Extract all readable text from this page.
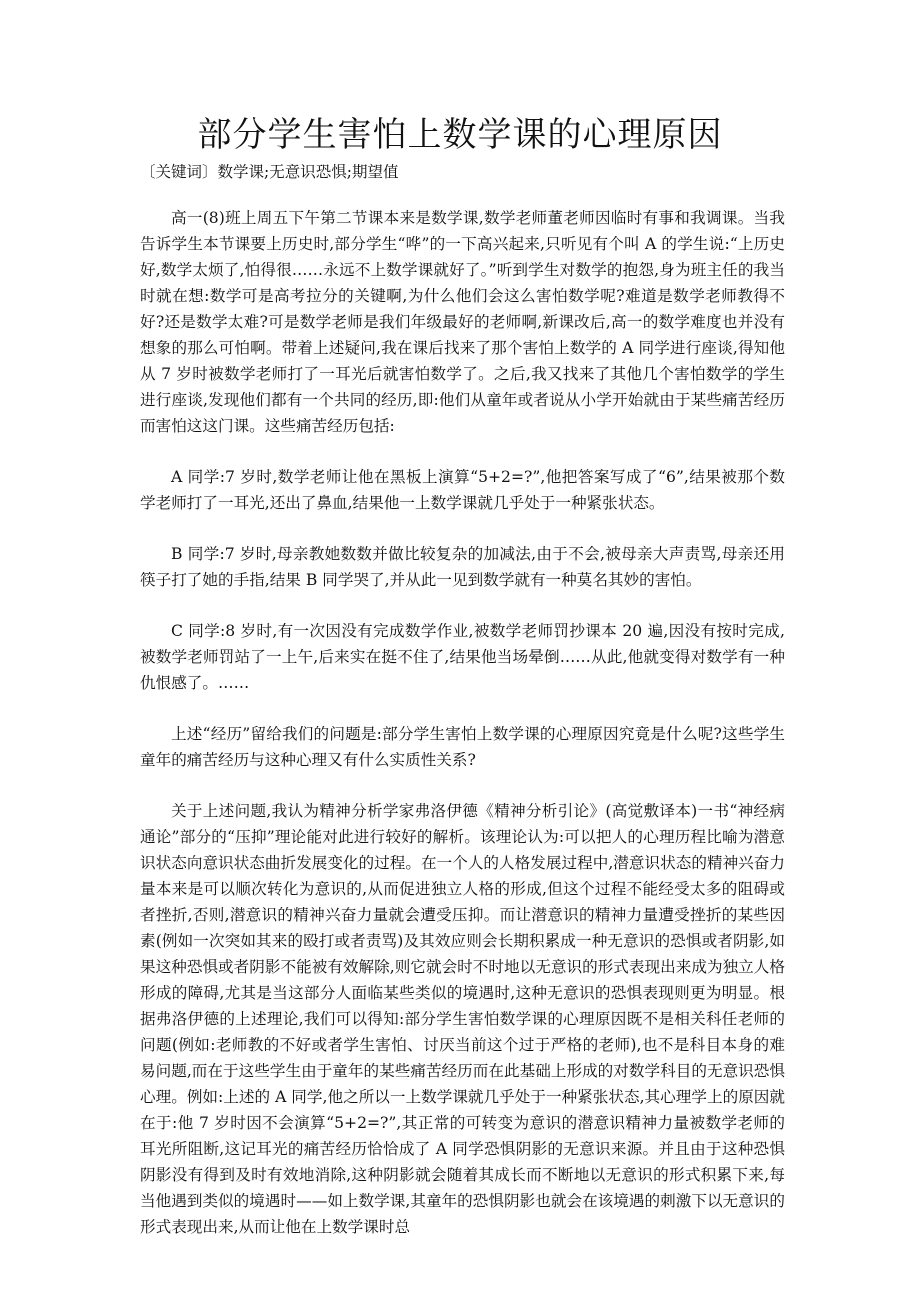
部分学生害怕上数学课的心理原因

〔关键词〕数学课;无意识恐惧;期望值

高一(8)班上周五下午第二节课本来是数学课,数学老师董老师因临时有事和我调课。当我告诉学生本节课要上历史时,部分学生“哗”的一下高兴起来,只听见有个叫 A 的学生说:“上历史好,数学太烦了,怕得很……永远不上数学课就好了。”听到学生对数学的抱怨,身为班主任的我当时就在想:数学可是高考拉分的关键啊,为什么他们会这么害怕数学呢?难道是数学老师教得不好?还是数学太难?可是数学老师是我们年级最好的老师啊,新课改后,高一的数学难度也并没有想象的那么可怕啊。带着上述疑问,我在课后找来了那个害怕上数学的 A 同学进行座谈,得知他从 7 岁时被数学老师打了一耳光后就害怕数学了。之后,我又找来了其他几个害怕数学的学生进行座谈,发现他们都有一个共同的经历,即:他们从童年或者说从小学开始就由于某些痛苦经历而害怕这这门课。这些痛苦经历包括:

A 同学:7 岁时,数学老师让他在黑板上演算“5+2=?”,他把答案写成了“6”,结果被那个数学老师打了一耳光,还出了鼻血,结果他一上数学课就几乎处于一种紧张状态。

B 同学:7 岁时,母亲教她数数并做比较复杂的加减法,由于不会,被母亲大声责骂,母亲还用筷子打了她的手指,结果 B 同学哭了,并从此一见到数学就有一种莫名其妙的害怕。

C 同学:8 岁时,有一次因没有完成数学作业,被数学老师罚抄课本 20 遍,因没有按时完成,被数学老师罚站了一上午,后来实在挺不住了,结果他当场晕倒……从此,他就变得对数学有一种仇恨感了。……

上述“经历”留给我们的问题是:部分学生害怕上数学课的心理原因究竟是什么呢?这些学生童年的痛苦经历与这种心理又有什么实质性关系?

关于上述问题,我认为精神分析学家弗洛伊德《精神分析引论》(高觉敷译本)一书“神经病通论”部分的“压抑”理论能对此进行较好的解析。该理论认为:可以把人的心理历程比喻为潜意识状态向意识状态曲折发展变化的过程。在一个人的人格发展过程中,潜意识状态的精神兴奋力量本来是可以顺次转化为意识的,从而促进独立人格的形成,但这个过程不能经受太多的阻碍或者挫折,否则,潜意识的精神兴奋力量就会遭受压抑。而让潜意识的精神力量遭受挫折的某些因素(例如一次突如其来的殴打或者责骂)及其效应则会长期积累成一种无意识的恐惧或者阴影,如果这种恐惧或者阴影不能被有效解除,则它就会时不时地以无意识的形式表现出来成为独立人格形成的障碍,尤其是当这部分人面临某些类似的境遇时,这种无意识的恐惧表现则更为明显。根据弗洛伊德的上述理论,我们可以得知:部分学生害怕数学课的心理原因既不是相关科任老师的问题(例如:老师教的不好或者学生害怕、讨厌当前这个过于严格的老师),也不是科目本身的难易问题,而在于这些学生由于童年的某些痛苦经历而在此基础上形成的对数学科目的无意识恐惧心理。例如:上述的 A 同学,他之所以一上数学课就几乎处于一种紧张状态,其心理学上的原因就在于:他 7 岁时因不会演算“5+2=?”,其正常的可转变为意识的潜意识精神力量被数学老师的耳光所阻断,这记耳光的痛苦经历恰恰成了 A 同学恐惧阴影的无意识来源。并且由于这种恐惧阴影没有得到及时有效地消除,这种阴影就会随着其成长而不断地以无意识的形式积累下来,每当他遇到类似的境遇时——如上数学课,其童年的恐惧阴影也就会在该境遇的刺激下以无意识的形式表现出来,从而让他在上数学课时总
